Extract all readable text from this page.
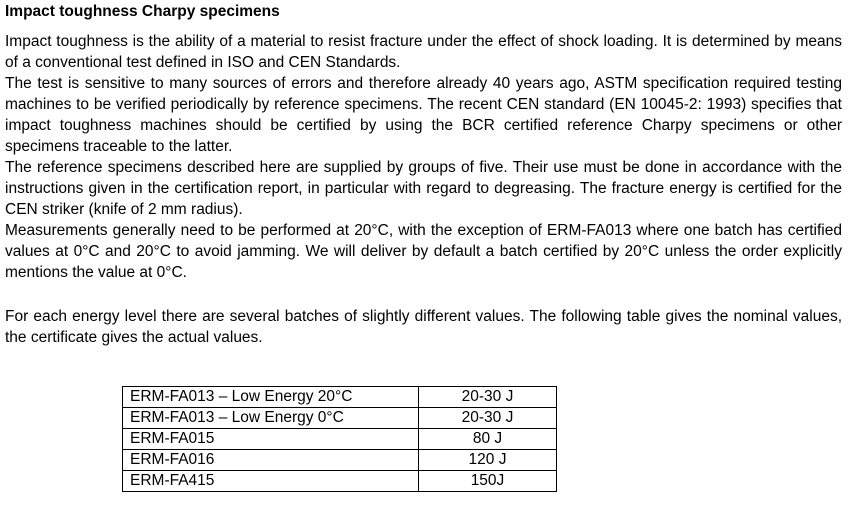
Impact toughness Charpy specimens

Impact toughness is the ability of a material to resist fracture under the effect of shock loading. It is determined by means of a conventional test defined in ISO and CEN Standards.

The test is sensitive to many sources of errors and therefore already 40 years ago, ASTM specification required testing machines to be verified periodically by reference specimens. The recent CEN standard (EN 10045-2: 1993) specifies that impact toughness machines should be certified by using the BCR certified reference Charpy specimens or other specimens traceable to the latter.

The reference specimens described here are supplied by groups of five. Their use must be done in accordance with the instructions given in the certification report, in particular with regard to degreasing. The fracture energy is certified for the CEN striker (knife of 2 mm radius).

Measurements generally need to be performed at 20°C, with the exception of ERM-FA013 where one batch has certified values at 0°C and 20°C to avoid jamming. We will deliver by default a batch certified by 20°C unless the order explicitly mentions the value at 0°C.

For each energy level there are several batches of slightly different values. The following table gives the nominal values, the certificate gives the actual values.

ERM-FA013 – Low Energy 20°C	20-30 J
ERM-FA013 – Low Energy 0°C	20-30 J
ERM-FA015	80 J
ERM-FA016	120 J
ERM-FA415	150J
